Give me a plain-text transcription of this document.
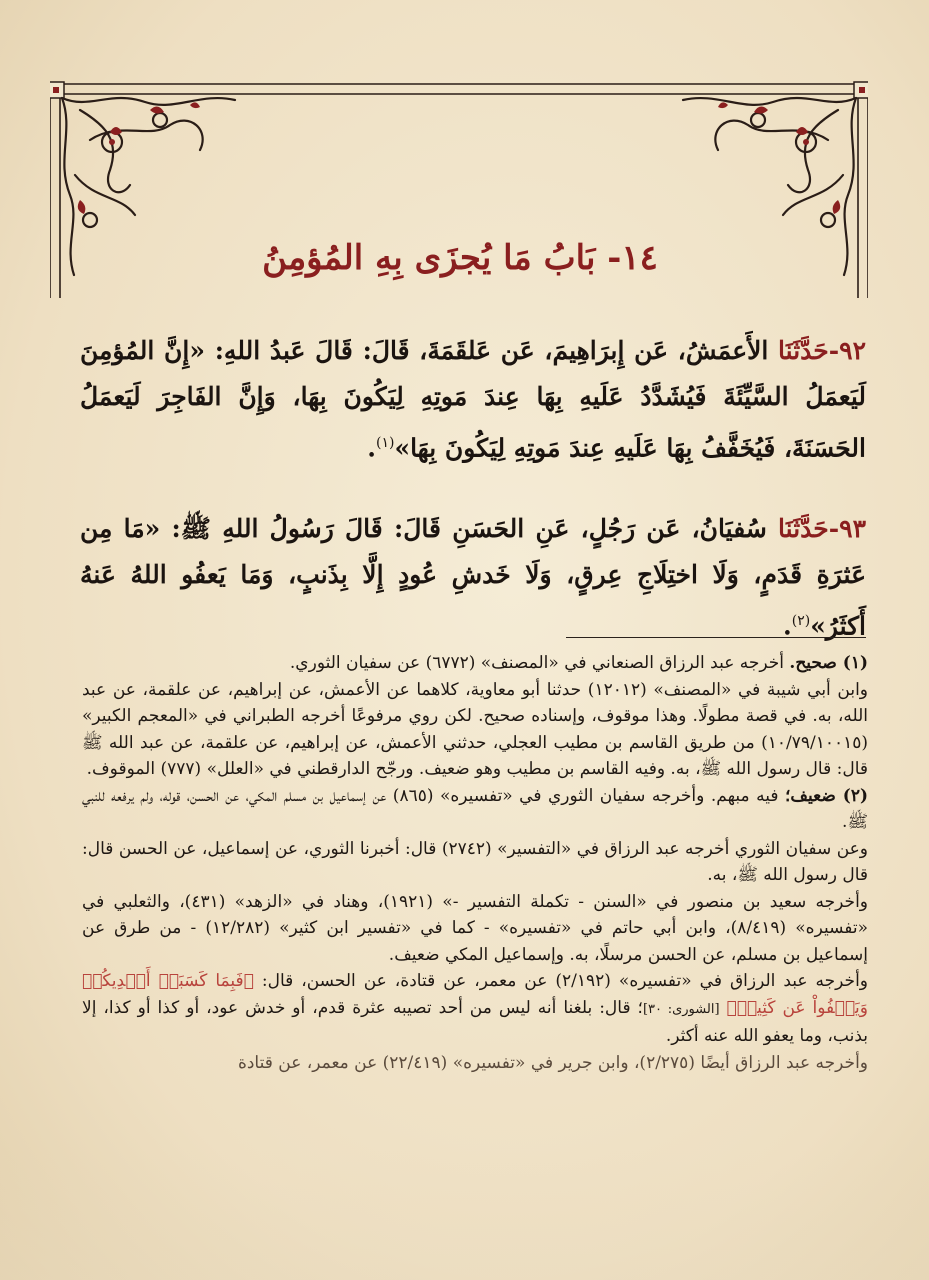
١٤- بَابُ مَا يُجزَى بِهِ المُؤمِنُ
٩٢-حَدَّثَنَا الأَعمَشُ، عَن إِبرَاهِيمَ، عَن عَلقَمَةَ، قَالَ: قَالَ عَبدُ اللهِ: «إِنَّ المُؤمِنَ لَيَعمَلُ السَّيِّئَةَ فَيُشَدَّدُ عَلَيهِ بِهَا عِندَ مَوتِهِ لِيَكُونَ بِهَا، وَإِنَّ الفَاجِرَ لَيَعمَلُ الحَسَنَةَ، فَيُخَفَّفُ بِهَا عَلَيهِ عِندَ مَوتِهِ لِيَكُونَ بِهَا»$^{(١)}$.
٩٣-حَدَّثَنَا سُفيَانُ، عَن رَجُلٍ، عَنِ الحَسَنِ قَالَ: قَالَ رَسُولُ اللهِ ﷺ: «مَا مِن عَثرَةِ قَدَمٍ، وَلَا اختِلَاجِ عِرقٍ، وَلَا خَدشِ عُودٍ إِلَّا بِذَنبٍ، وَمَا يَعفُو اللهُ عَنهُ أَكثَرُ»$^{(٢)}$.

(١) صحيح. أخرجه عبد الرزاق الصنعاني في «المصنف» (٦٧٧٢) عن سفيان الثوري.

وابن أبي شيبة في «المصنف» (١٢٠١٢) حدثنا أبو معاوية، كلاهما عن الأعمش، عن إبراهيم، عن علقمة، عن عبد الله، به. في قصة مطولًا. وهذا موقوف، وإسناده صحيح. لكن روي مرفوعًا أخرجه الطبراني في «المعجم الكبير» (١٠/٧٩/١٠٠١٥) من طريق القاسم بن مطيب العجلي، حدثني الأعمش، عن إبراهيم، عن علقمة، عن عبد الله ﷺ قال: قال رسول الله ﷺ، به. وفيه القاسم بن مطيب وهو ضعيف. ورجّح الدارقطني في «العلل» (٧٧٧) الموقوف.

(٢) ضعيف؛ فيه مبهم. وأخرجه سفيان الثوري في «تفسيره» (٨٦٥) عن إسماعيل بن مسلم المكي، عن الحسن، قوله، ولم يرفعه للنبي ﷺ.

وعن سفيان الثوري أخرجه عبد الرزاق في «التفسير» (٢٧٤٢) قال: أخبرنا الثوري، عن إسماعيل، عن الحسن قال: قال رسول الله ﷺ، به.

وأخرجه سعيد بن منصور في «السنن - تكملة التفسير -» (١٩٢١)، وهناد في «الزهد» (٤٣١)، والثعلبي في «تفسيره» (٨/٤١٩)، وابن أبي حاتم في «تفسيره» - كما في «تفسير ابن كثير» (١٢/٢٨٢) - من طرق عن إسماعيل بن مسلم، عن الحسن مرسلًا، به. وإسماعيل المكي ضعيف.

وأخرجه عبد الرزاق في «تفسيره» (٢/١٩٢) عن معمر، عن قتادة، عن الحسن، قال: ﴿فَبِمَا كَسَبَتۡ أَيۡدِيكُمۡ وَيَعۡفُواْ عَن كَثِيرٖ﴾ [الشورى: ٣٠]؛ قال: بلغنا أنه ليس من أحد تصيبه عثرة قدم، أو خدش عود، أو كذا أو كذا، إلا بذنب، وما يعفو الله عنه أكثر.

وأخرجه عبد الرزاق أيضًا (٢/٢٧٥)، وابن جرير في «تفسيره» (٢٢/٤١٩) عن معمر، عن قتادة
